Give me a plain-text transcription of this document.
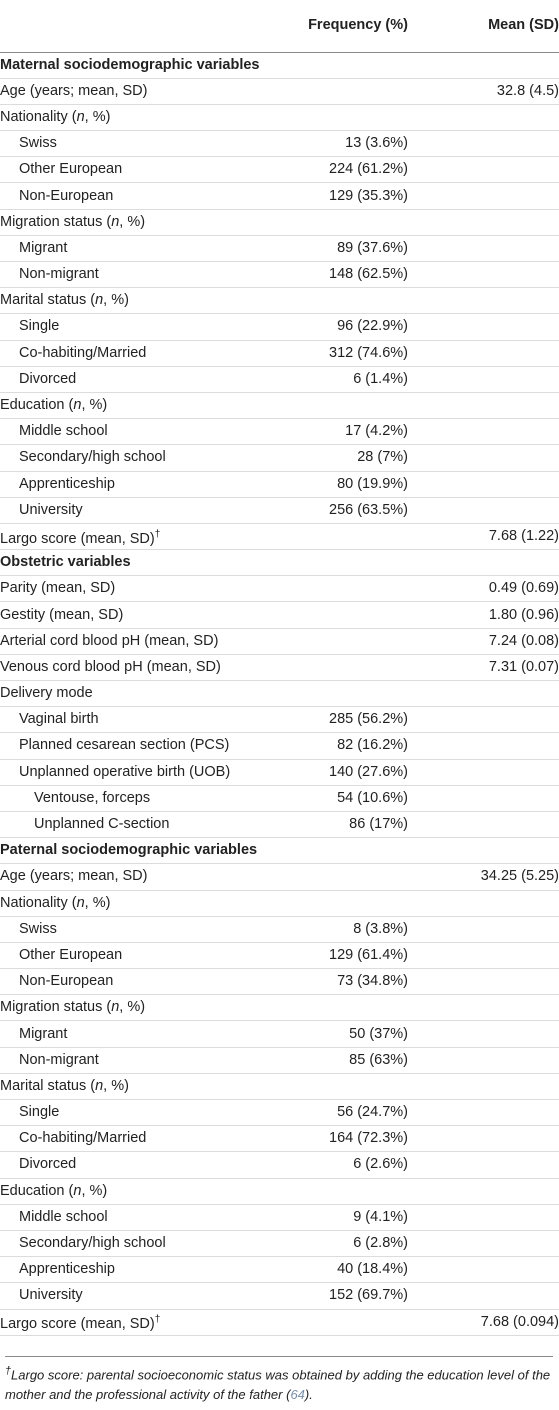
	Frequency (%)	Mean (SD)
Maternal sociodemographic variables		
Age (years; mean, SD)		32.8 (4.5)
Nationality (n, %)		
Swiss	13 (3.6%)	
Other European	224 (61.2%)	
Non-European	129 (35.3%)	
Migration status (n, %)		
Migrant	89 (37.6%)	
Non-migrant	148 (62.5%)	
Marital status (n, %)		
Single	96 (22.9%)	
Co-habiting/Married	312 (74.6%)	
Divorced	6 (1.4%)	
Education (n, %)		
Middle school	17 (4.2%)	
Secondary/high school	28 (7%)	
Apprenticeship	80 (19.9%)	
University	256 (63.5%)	
Largo score (mean, SD)†		7.68 (1.22)
Obstetric variables		
Parity (mean, SD)		0.49 (0.69)
Gestity (mean, SD)		1.80 (0.96)
Arterial cord blood pH (mean, SD)		7.24 (0.08)
Venous cord blood pH (mean, SD)		7.31 (0.07)
Delivery mode		
Vaginal birth	285 (56.2%)	
Planned cesarean section (PCS)	82 (16.2%)	
Unplanned operative birth (UOB)	140 (27.6%)	
Ventouse, forceps	54 (10.6%)	
Unplanned C-section	86 (17%)	
Paternal sociodemographic variables		
Age (years; mean, SD)		34.25 (5.25)
Nationality (n, %)		
Swiss	8 (3.8%)	
Other European	129 (61.4%)	
Non-European	73 (34.8%)	
Migration status (n, %)		
Migrant	50 (37%)	
Non-migrant	85 (63%)	
Marital status (n, %)		
Single	56 (24.7%)	
Co-habiting/Married	164 (72.3%)	
Divorced	6 (2.6%)	
Education (n, %)		
Middle school	9 (4.1%)	
Secondary/high school	6 (2.8%)	
Apprenticeship	40 (18.4%)	
University	152 (69.7%)	
Largo score (mean, SD)†		7.68 (0.094)
†Largo score: parental socioeconomic status was obtained by adding the education level of the mother and the professional activity of the father (64).
